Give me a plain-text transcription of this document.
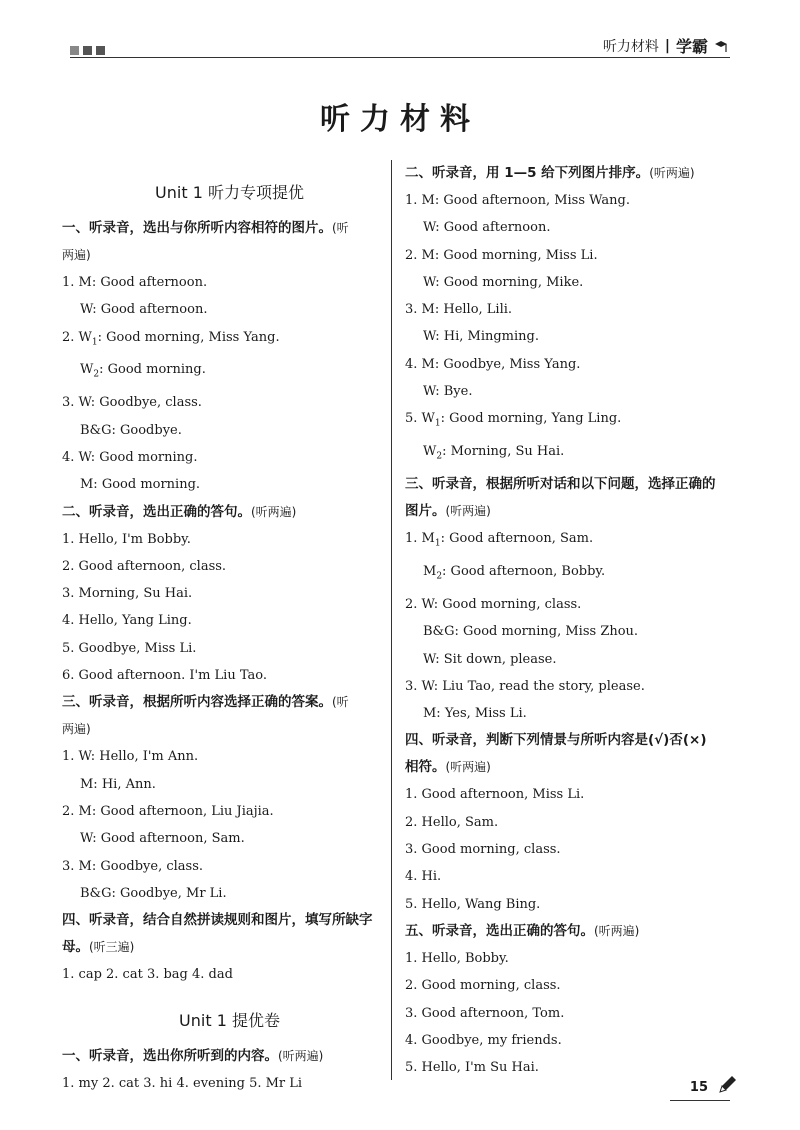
听力材料 | 学霸
听力材料
Unit 1 听力专项提优
一、听录音，选出与你所听内容相符的图片。(听
两遍)
1. M: Good afternoon.
W: Good afternoon.
2. $W_1$: Good morning, Miss Yang.
$W_2$: Good morning.
3. W: Goodbye, class.
B&G: Goodbye.
4. W: Good morning.
M: Good morning.
二、听录音，选出正确的答句。(听两遍)
1. Hello, I'm Bobby.
2. Good afternoon, class.
3. Morning, Su Hai.
4. Hello, Yang Ling.
5. Goodbye, Miss Li.
6. Good afternoon. I'm Liu Tao.
三、听录音，根据所听内容选择正确的答案。(听
两遍)
1. W: Hello, I'm Ann.
M: Hi, Ann.
2. M: Good afternoon, Liu Jiajia.
W: Good afternoon, Sam.
3. M: Goodbye, class.
B&G: Goodbye, Mr Li.
四、听录音，结合自然拼读规则和图片，填写所缺字
母。(听三遍)
1. cap 2. cat 3. bag 4. dad
Unit 1 提优卷
一、听录音，选出你所听到的内容。(听两遍)
1. my 2. cat 3. hi 4. evening 5. Mr Li
二、听录音，用 1—5 给下列图片排序。(听两遍)
1. M: Good afternoon, Miss Wang.
W: Good afternoon.
2. M: Good morning, Miss Li.
W: Good morning, Mike.
3. M: Hello, Lili.
W: Hi, Mingming.
4. M: Goodbye, Miss Yang.
W: Bye.
5. $W_1$: Good morning, Yang Ling.
$W_2$: Morning, Su Hai.
三、听录音，根据所听对话和以下问题，选择正确的
图片。(听两遍)
1. $M_1$: Good afternoon, Sam.
$M_2$: Good afternoon, Bobby.
2. W: Good morning, class.
B&G: Good morning, Miss Zhou.
W: Sit down, please.
3. W: Liu Tao, read the story, please.
M: Yes, Miss Li.
四、听录音，判断下列情景与所听内容是(√)否(×)
相符。(听两遍)
1. Good afternoon, Miss Li.
2. Hello, Sam.
3. Good morning, class.
4. Hi.
5. Hello, Wang Bing.
五、听录音，选出正确的答句。(听两遍)
1. Hello, Bobby.
2. Good morning, class.
3. Good afternoon, Tom.
4. Goodbye, my friends.
5. Hello, I'm Su Hai.
15
